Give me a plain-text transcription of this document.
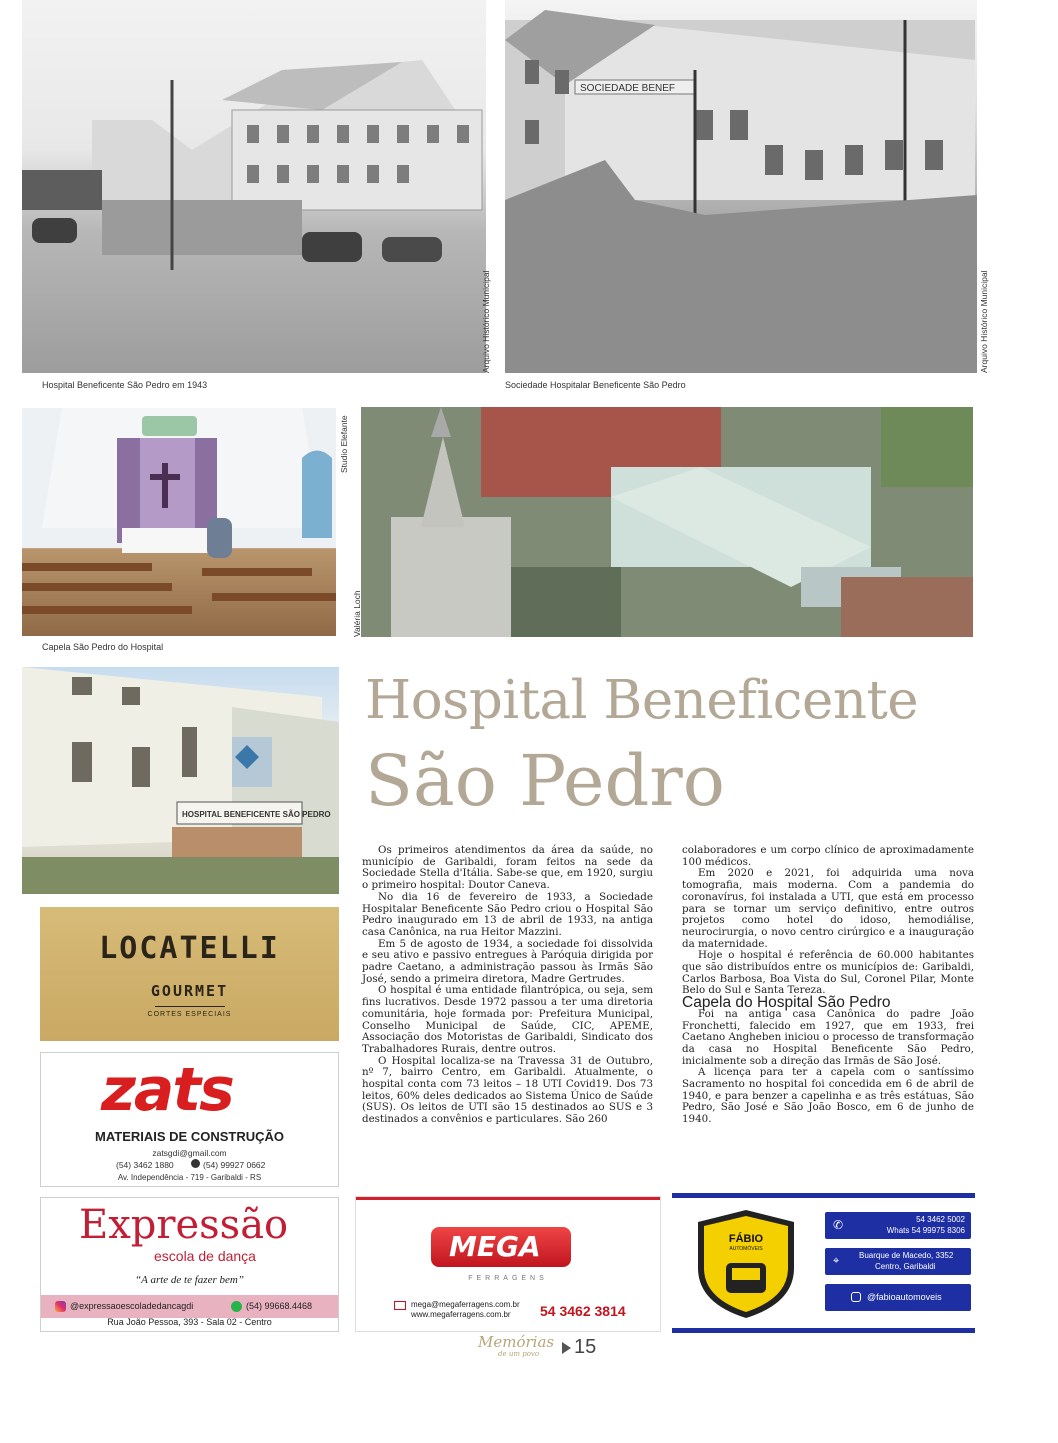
Hospital Beneficente São Pedro em 1943
Arquivo Histórico Municipal
SOCIEDADE BENEF
Sociedade Hospitalar Beneficente São Pedro
Arquivo Histórico Municipal
Capela São Pedro do Hospital
Studio Elefante
Valéria Loch
HOSPITAL BENEFICENTE SÃO PEDRO
Hospital Beneficente
São Pedro

Os primeiros atendimentos da área da saúde, no município de Garibaldi, foram feitos na sede da Sociedade Stella d'Itália. Sabe-se que, em 1920, surgiu o primeiro hospital: Doutor Caneva.

No dia 16 de fevereiro de 1933, a Sociedade Hospitalar Beneficente São Pedro criou o Hospital São Pedro inaugurado em 13 de abril de 1933, na antiga casa Canônica, na rua Heitor Mazzini.

Em 5 de agosto de 1934, a sociedade foi dissolvida e seu ativo e passivo entregues à Paróquia dirigida por padre Caetano, a administração passou às Irmãs São José, sendo a primeira diretora, Madre Gertrudes.

O hospital é uma entidade filantrópica, ou seja, sem fins lucrativos. Desde 1972 passou a ter uma diretoria comunitária, hoje formada por: Prefeitura Municipal, Conselho Municipal de Saúde, CIC, APEME, Associação dos Motoristas de Garibaldi, Sindicato dos Trabalhadores Rurais, dentre outros.

O Hospital localiza-se na Travessa 31 de Outubro, nº 7, bairro Centro, em Garibaldi. Atualmente, o hospital conta com 73 leitos – 18 UTI Covid19. Dos 73 leitos, 60% deles dedicados ao Sistema Único de Saúde (SUS). Os leitos de UTI são 15 destinados ao SUS e 3 destinados a convênios e particulares. São 260

colaboradores e um corpo clínico de aproximadamente 100 médicos.

Em 2020 e 2021, foi adquirida uma nova tomografia, mais moderna. Com a pandemia do coronavírus, foi instalada a UTI, que está em processo para se tornar um serviço definitivo, entre outros projetos como hotel do idoso, hemodiálise, neurocirurgia, o novo centro cirúrgico e a inauguração da maternidade.

Hoje o hospital é referência de 60.000 habitantes que são distribuídos entre os municípios de: Garibaldi, Carlos Barbosa, Boa Vista do Sul, Coronel Pilar, Monte Belo do Sul e Santa Tereza.

Capela do Hospital São Pedro

Foi na antiga casa Canônica do padre João Fronchetti, falecido em 1927, que em 1933, frei Caetano Angheben iniciou o processo de transformação da casa no Hospital Beneficente São Pedro, inicialmente sob a direção das Irmãs de São José.

A licença para ter a capela com o santíssimo Sacramento no hospital foi concedida em 6 de abril de 1940, e para benzer a capelinha e as três estátuas, São Pedro, São José e São João Bosco, em 6 de junho de 1940.

LOCATELLI
GOURMET
CORTES ESPECIAIS
zats
MATERIAIS DE CONSTRUÇÃO
zatsgdi@gmail.com
(54) 3462 1880	(54) 99927 0662
Av. Independência - 719 - Garibaldi - RS
Expressão
escola de dança
“A arte de te fazer bem”
@expressaoescoladedancagdi	(54) 99668.4468
Rua João Pessoa, 393 - Sala 02 - Centro
MEGA
FERRAGENS
mega@megaferragens.com.br
www.megaferragens.com.br 54 3462 3814
FÁBIO
AUTOMÓVEIS
✆	54 3462 5002
Whats 54 99975 8306
⌖ Buarque de Macedo, 3352
Centro, Garibaldi
@fabioautomoveis
Memórias
de um povo 15
